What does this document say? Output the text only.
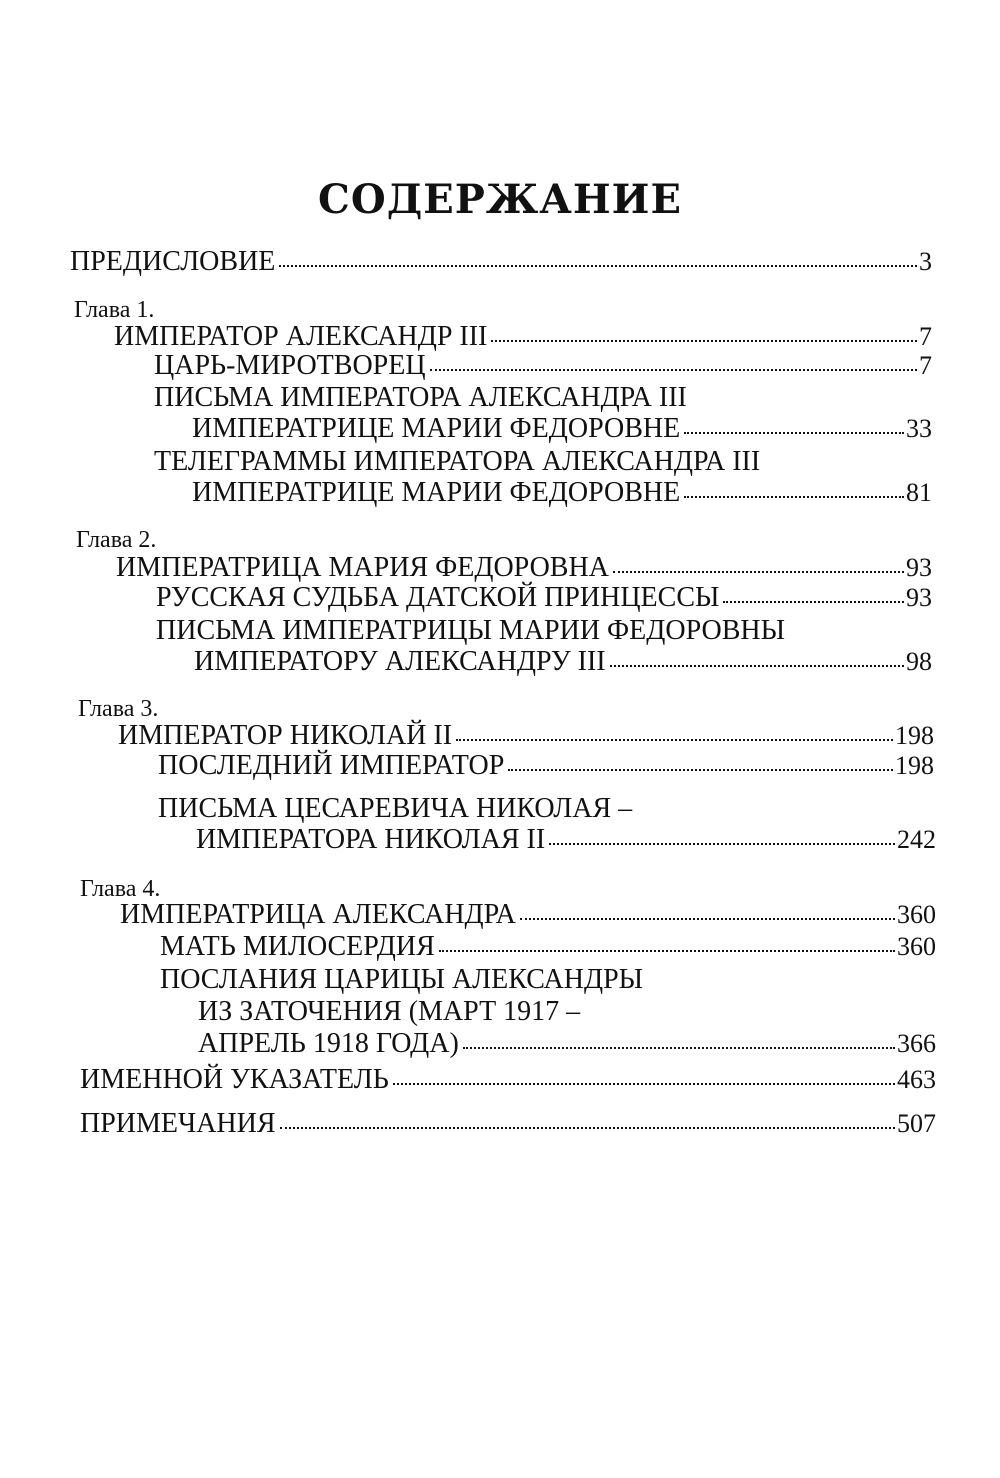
СОДЕРЖАНИЕ
ПРЕДИСЛОВИЕ	3
Глава 1.
ИМПЕРАТОР АЛЕКСАНДР III	7
ЦАРЬ-МИРОТВОРЕЦ	7
ПИСЬМА ИМПЕРАТОРА АЛЕКСАНДРА III
ИМПЕРАТРИЦЕ МАРИИ ФЕДОРОВНЕ	33
ТЕЛЕГРАММЫ ИМПЕРАТОРА АЛЕКСАНДРА III
ИМПЕРАТРИЦЕ МАРИИ ФЕДОРОВНЕ	81
Глава 2.
ИМПЕРАТРИЦА МАРИЯ ФЕДОРОВНА	93
РУССКАЯ СУДЬБА ДАТСКОЙ ПРИНЦЕССЫ	93
ПИСЬМА ИМПЕРАТРИЦЫ МАРИИ ФЕДОРОВНЫ
ИМПЕРАТОРУ АЛЕКСАНДРУ III	98
Глава 3.
ИМПЕРАТОР НИКОЛАЙ II	198
ПОСЛЕДНИЙ ИМПЕРАТОР	198
ПИСЬМА ЦЕСАРЕВИЧА НИКОЛАЯ –
ИМПЕРАТОРА НИКОЛАЯ II	242
Глава 4.
ИМПЕРАТРИЦА АЛЕКСАНДРА	360
МАТЬ МИЛОСЕРДИЯ	360
ПОСЛАНИЯ ЦАРИЦЫ АЛЕКСАНДРЫ
ИЗ ЗАТОЧЕНИЯ (МАРТ 1917 –
АПРЕЛЬ 1918 ГОДА)	366
ИМЕННОЙ УКАЗАТЕЛЬ	463
ПРИМЕЧАНИЯ	507
